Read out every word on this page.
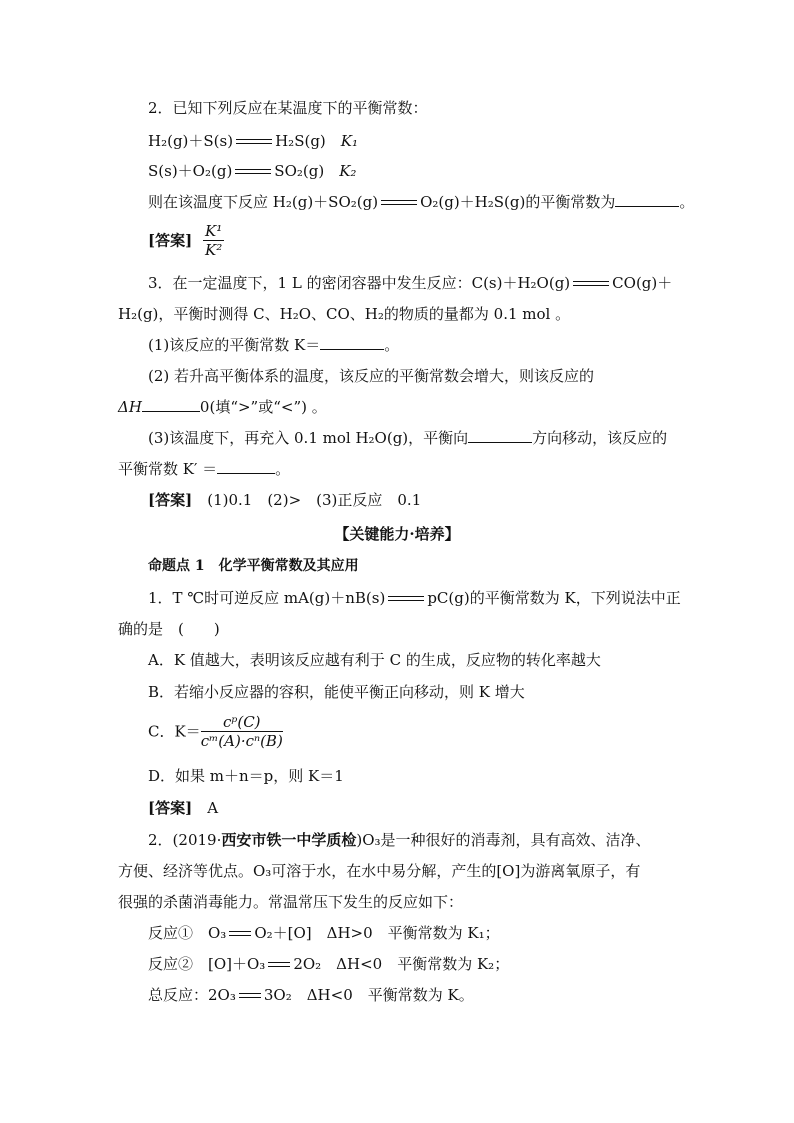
2．已知下列反应在某温度下的平衡常数：
H₂(g)＋S(s)	H₂S(g)　 K₁
S(s)＋O₂(g)	SO₂(g)　 K₂
则在该温度下反应 H₂(g)＋SO₂(g)	O₂(g)＋H₂S(g)的平衡常数为	。
[答案] $\frac{\text{K¹}}{\text{K²}}$
3．在一定温度下，1 L 的密闭容器中发生反应：C(s)＋H₂O(g)	CO(g)＋
H₂(g)，平衡时测得 C、H₂O、CO、H₂的物质的量都为 0.1 mol 。
(1)该反应的平衡常数 K＝	。
(2) 若升高平衡体系的温度，该反应的平衡常数会增大，则该反应的
ΔH	0(填“>”或“<”) 。
(3)该温度下，再充入 0.1 mol H₂O(g)，平衡向	方向移动，该反应的
平衡常数 K′ ＝	。
[答案]　 (1)0.1　(2)>　(3)正反应　0.1
【关键能力·培养】
命题点 1　化学平衡常数及其应用
1．T ℃时可逆反应 mA(g)＋nB(s)	pC(g)的平衡常数为 K，下列说法中正
确的是　(　　)
A．K 值越大，表明该反应越有利于 C 的生成，反应物的转化率越大
B．若缩小反应器的容积，能使平衡正向移动，则 K 增大
C．$K= \frac{\text{cᵖ(C)}}{\text{cᵐ(A)·cⁿ(B)}}$
D．如果 m＋n＝p，则 K＝1
[答案]　 A
2．(2019·西安市铁一中学质检)O₃是一种很好的消毒剂，具有高效、洁净、
方便、经济等优点。O₃可溶于水，在水中易分解，产生的[O]为游离氧原子，有
很强的杀菌消毒能力。常温常压下发生的反应如下：
反应①　O₃ O₂＋[O]　ΔH>0　平衡常数为 K₁；
反应②　[O]＋O₃ 2O₂　ΔH<0　平衡常数为 K₂；
总反应：2O₃ 3O₂　ΔH<0　平衡常数为 K。
